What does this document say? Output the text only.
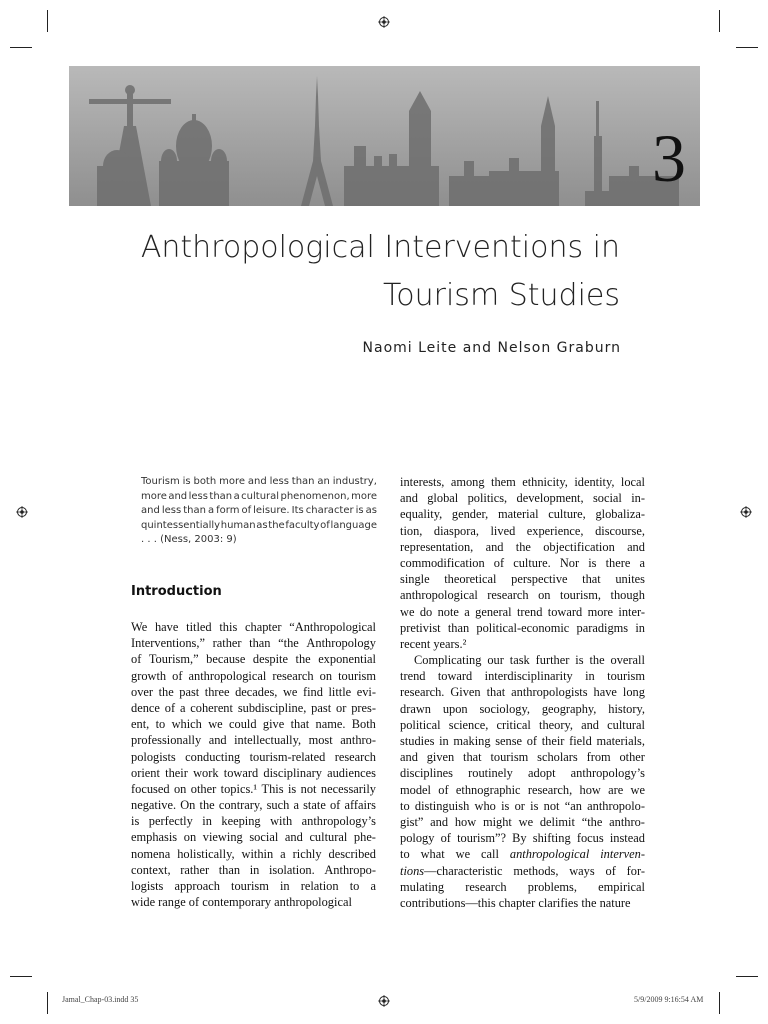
3
Anthropological Interventions in
Tourism Studies
Naomi Leite and Nelson Graburn
Tourism is both more and less than an industry,
more and less than a cultural phenomenon, more
and less than a form of leisure. Its character is as
quintessentially human as the faculty of language
. . . (Ness, 2003: 9)
Introduction
We have titled this chapter “Anthropological
Interventions,” rather than “the Anthropology
of Tourism,” because despite the exponential
growth of anthropological research on tourism
over the past three decades, we find little evi-
dence of a coherent subdiscipline, past or pres-
ent, to which we could give that name. Both
professionally and intellectually, most anthro-
pologists conducting tourism-related research
orient their work toward disciplinary audiences
focused on other topics.¹ This is not necessarily
negative. On the contrary, such a state of affairs
is perfectly in keeping with anthropology’s
emphasis on viewing social and cultural phe-
nomena holistically, within a richly described
context, rather than in isolation. Anthropo-
logists approach tourism in relation to a
wide range of contemporary anthropological
interests, among them ethnicity, identity, local
and global politics, development, social in-
equality, gender, material culture, globaliza-
tion, diaspora, lived experience, discourse,
representation, and the objectification and
commodification of culture. Nor is there a
single theoretical perspective that unites
anthropological research on tourism, though
we do note a general trend toward more inter-
pretivist than political-economic paradigms in
recent years.²
Complicating our task further is the overall
trend toward interdisciplinarity in tourism
research. Given that anthropologists have long
drawn upon sociology, geography, history,
political science, critical theory, and cultural
studies in making sense of their field materials,
and given that tourism scholars from other
disciplines routinely adopt anthropology’s
model of ethnographic research, how are we
to distinguish who is or is not “an anthropolo-
gist” and how might we delimit “the anthro-
pology of tourism”? By shifting focus instead
to what we call anthropological interven-
tions—characteristic methods, ways of for-
mulating research problems, empirical
contributions—this chapter clarifies the nature
Jamal_Chap-03.indd 35	5/9/2009 9:16:54 AM
